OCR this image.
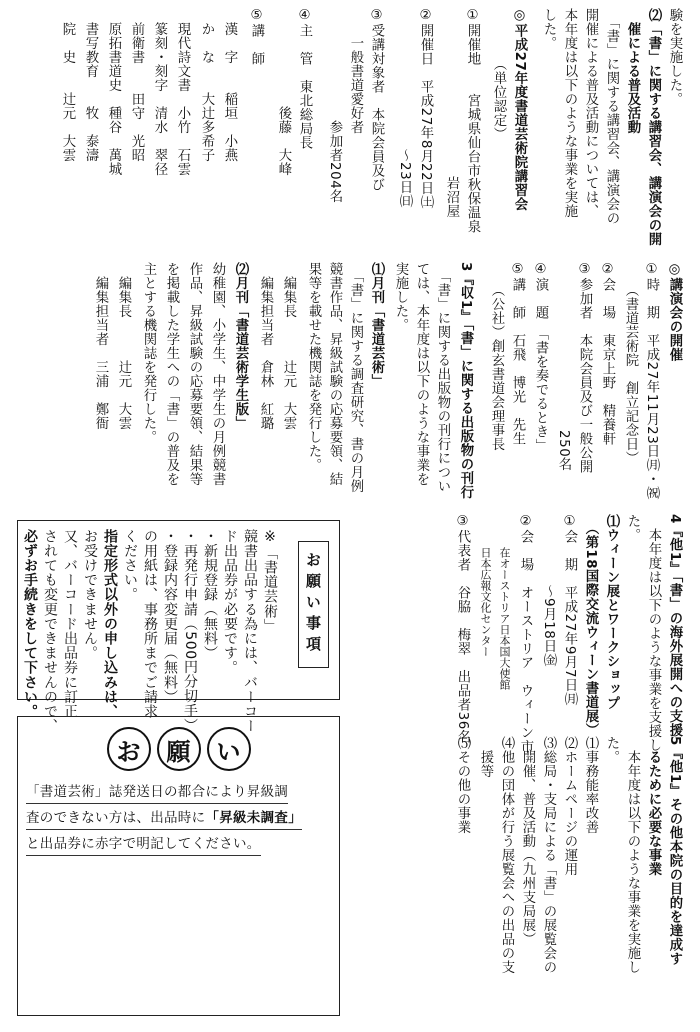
験を実施した。
⑵「書」に関する講習会、講演会の開
　催による普及活動
　「書」に関する講習会、講演会の
開催による普及活動については、
本年度は以下のような事業を実施
した。
◎平成27年度書道芸術院講習会
　　　　（単位認定）
①開催地　　宮城県仙台市秋保温泉
　　　　　　　　　　　　岩沼屋
②開催日　平成27年8月22日㈯
　　　　　　　　　　〜23日㈰
③受講対象者　本院会員及び
　　一般書道愛好者
　　　　　　　　参加者204名
④主　管　東北総局長
　　　　　　　後藤　大峰
⑤講　師
　漢　字　　稲垣　小燕
　か　な　　大辻多希子
　現代詩文書　小竹　石雲
　篆刻・刻字　清水　翠径
　前衛書　　田守　光昭
　原拓書道史　種谷　萬城
　書写教育　　牧　泰濤
　院　史　　辻元　大雲
◎講演会の開催
①時　期　平成27年11月23日㈪・㈷
　　（書道芸術院　創立記念日）
②会　場　東京上野　精養軒
③参加者　本院会員及び一般公開
　　　　　　　　　　　　250名
④演　題　「書を奏でるとき」
⑤講　師　石飛　博光　先生
　　（公社）創玄書道会理事長
3『収1』「書」に関する出版物の刊行
　「書」に関する出版物の刊行につい
ては、本年度は以下のような事業を
実施した。
⑴月刊「書道芸術」
　「書」に関する調査研究、書の月例
競書作品、昇級試験の応募要領、結
果等を載せた機関誌を発行した。
　編集長　　　辻元　大雲
　編集担当者　倉林　紅璐
⑵月刊「書道芸術学生版」
幼稚園、小学生、中学生の月例競書
作品、昇級試験の応募要領、結果等
を掲載した学生への「書」の普及を
主とする機関誌を発行した。
　編集長　　　辻元　大雲
　編集担当者　三浦　鄭衙
4『他1』「書」の海外展開への支援
　本年度は以下のような事業を支援し
た。
⑴ウィーン展とワークショップ
　（第18国際交流ウィーン書道展）
①会　期　平成27年9月7日㈪
　　　　　〜9月18日㈮
②会　場　オーストリア　ウィーン市
　　　在オーストリア日本国大使館
　　　日本広報文化センター
③代表者　谷脇　梅翠　出品者36名
5『他1』その他本院の目的を達成す
　るために必要な事業
　本年度は以下のような事業を実施し
た。
⑴事務能率改善
⑵ホームページの運用
⑶総局・支局による「書」の展覧会の
　開催、普及活動（九州支局展）
⑷他の団体が行う展覧会への出品の支
　援等
⑸その他の事業
お願い事項
※「書道芸術」
競書出品する為には、バーコー
ド出品券が必要です。
・新規登録（無料）
・再発行申請（500円分切手）
・登録内容変更届（無料）
の用紙は、事務所までご請求
ください。
指定形式以外の申し込みは、
お受けできません。
又、バーコード出品券に訂正
されても変更できませんので、
必ずお手続きをして下さい。
お	願	い
「書道芸術」誌発送日の都合により昇級調
査のできない方は、出品時に「昇級未調査」
と出品券に赤字で明記してください。
